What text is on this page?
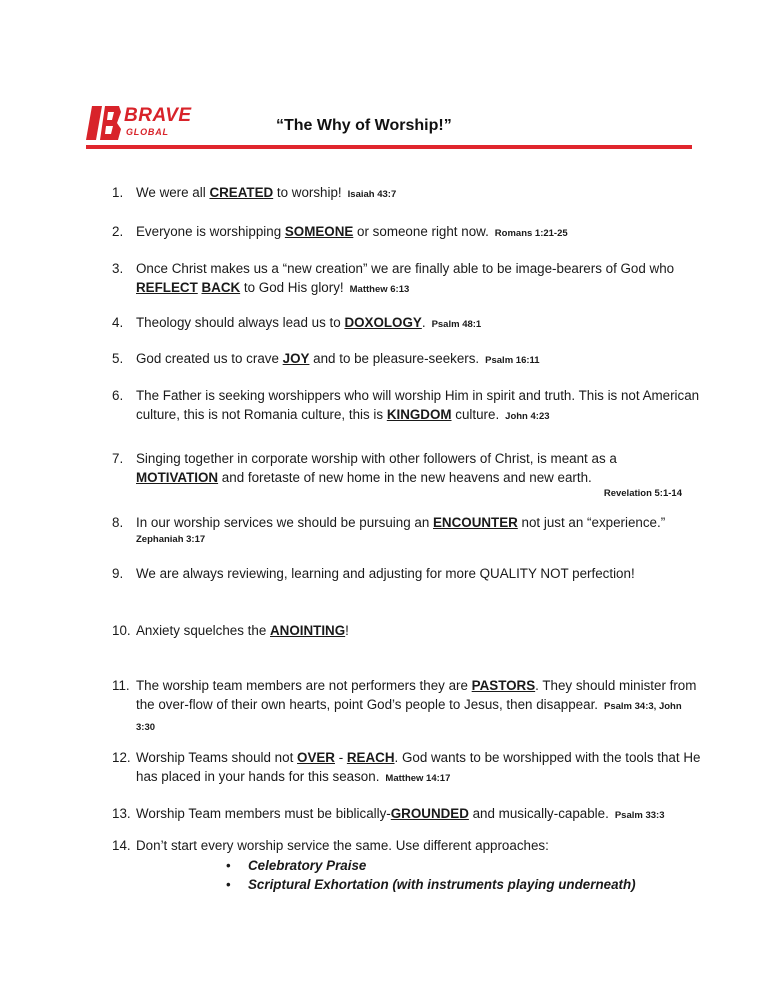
BRAVE
GLOBAL	“The Why of Worship!”
1. We were all CREATED to worship! Isaiah 43:7
2. Everyone is worshipping SOMEONE or someone right now. Romans 1:21-25
3. Once Christ makes us a “new creation” we are finally able to be image-bearers of God who REFLECT BACK to God His glory! Matthew 6:13
4. Theology should always lead us to DOXOLOGY. Psalm 48:1
5. God created us to crave JOY and to be pleasure-seekers. Psalm 16:11
6. The Father is seeking worshippers who will worship Him in spirit and truth. This is not American culture, this is not Romania culture, this is KINGDOM culture. John 4:23
7. Singing together in corporate worship with other followers of Christ, is meant as a MOTIVATION and foretaste of new home in the new heavens and new earth.
Revelation 5:1-14
8. In our worship services we should be pursuing an ENCOUNTER not just an “experience.”
Zephaniah 3:17
9. We are always reviewing, learning and adjusting for more QUALITY NOT perfection!
10. Anxiety squelches the ANOINTING!
11. The worship team members are not performers they are PASTORS. They should minister from the over-flow of their own hearts, point God’s people to Jesus, then disappear. Psalm 34:3, John 3:30
12. Worship Teams should not OVER - REACH. God wants to be worshipped with the tools that He has placed in your hands for this season. Matthew 14:17
13. Worship Team members must be biblically-GROUNDED and musically-capable. Psalm 33:3
14. Don’t start every worship service the same. Use different approaches:
• Celebratory Praise
• Scriptural Exhortation (with instruments playing underneath)
